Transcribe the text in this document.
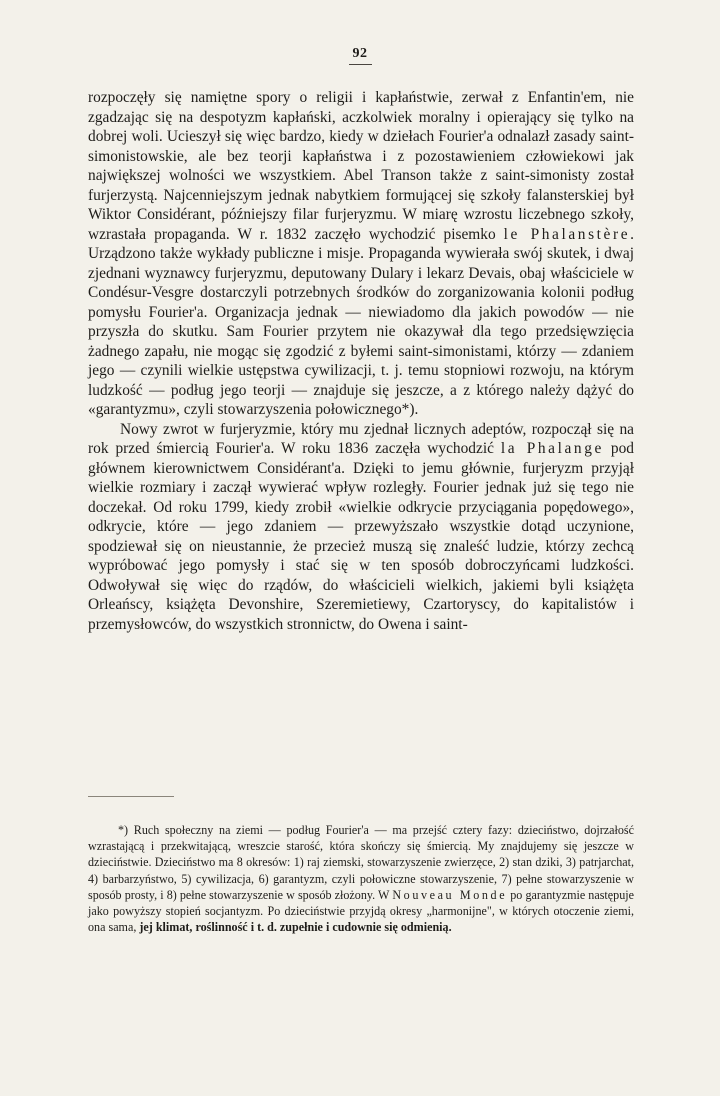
92

rozpoczęły się namiętne spory o religii i kapłaństwie, zerwał z Enfantin'em, nie zgadzając się na despotyzm kapłański, aczkolwiek moralny i opierający się tylko na dobrej woli. Ucieszył się więc bardzo, kiedy w dziełach Fourier'a odnalazł zasady saint-simonistowskie, ale bez teorji kapłaństwa i z pozostawieniem człowiekowi jak największej wolności we wszystkiem. Abel Transon także z saint-simonisty został furjerzystą. Najcenniejszym jednak nabytkiem formującej się szkoły falansterskiej był Wiktor Considérant, późniejszy filar furjeryzmu. W miarę wzrostu liczebnego szkoły, wzrastała propaganda. W r. 1832 zaczęło wychodzić pisemko le Phalanstère. Urządzono także wykłady publiczne i misje. Propaganda wywierała swój skutek, i dwaj zjednani wyznawcy furjeryzmu, deputowany Dulary i lekarz Devais, obaj właściciele w Condésur-Vesgre dostarczyli potrzebnych środków do zorganizowania kolonii podług pomysłu Fourier'a. Organizacja jednak — niewiadomo dla jakich powodów — nie przyszła do skutku. Sam Fourier przytem nie okazywał dla tego przedsięwzięcia żadnego zapału, nie mogąc się zgodzić z byłemi saint-simonistami, którzy — zdaniem jego — czynili wielkie ustępstwa cywilizacji, t. j. temu stopniowi rozwoju, na którym ludzkość — podług jego teorji — znajduje się jeszcze, a z którego należy dążyć do «garantyzmu», czyli stowarzyszenia połowicznego*).

Nowy zwrot w furjeryzmie, który mu zjednał licznych adeptów, rozpoczął się na rok przed śmiercią Fourier'a. W roku 1836 zaczęła wychodzić la Phalange pod głównem kierownictwem Considérant'a. Dzięki to jemu głównie, furjeryzm przyjął wielkie rozmiary i zaczął wywierać wpływ rozległy. Fourier jednak już się tego nie doczekał. Od roku 1799, kiedy zrobił «wielkie odkrycie przyciągania popędowego», odkrycie, które — jego zdaniem — przewyższało wszystkie dotąd uczynione, spodziewał się on nieustannie, że przecież muszą się znaleść ludzie, którzy zechcą wypróbować jego pomysły i stać się w ten sposób dobroczyńcami ludzkości. Odwoływał się więc do rządów, do właścicieli wielkich, jakiemi byli książęta Orleańscy, książęta Devonshire, Szeremietiewy, Czartoryscy, do kapitalistów i przemysłowców, do wszystkich stronnictw, do Owena i saint-

*) Ruch społeczny na ziemi — podług Fourier'a — ma przejść cztery fazy: dzieciństwo, dojrzałość wzrastającą i przekwitającą, wreszcie starość, która skończy się śmiercią. My znajdujemy się jeszcze w dzieciństwie. Dzieciństwo ma 8 okresów: 1) raj ziemski, stowarzyszenie zwierzęce, 2) stan dziki, 3) patrjarchat, 4) barbarzyństwo, 5) cywilizacja, 6) garantyzm, czyli połowiczne stowarzyszenie, 7) pełne stowarzyszenie w sposób prosty, i 8) pełne stowarzyszenie w sposób złożony. W Nouveau Monde po garantyzmie następuje jako powyższy stopień socjantyzm. Po dzieciństwie przyjdą okresy „harmonijne", w których otoczenie ziemi, ona sama, jej klimat, roślinność i t. d. zupełnie i cudownie się odmienią.
